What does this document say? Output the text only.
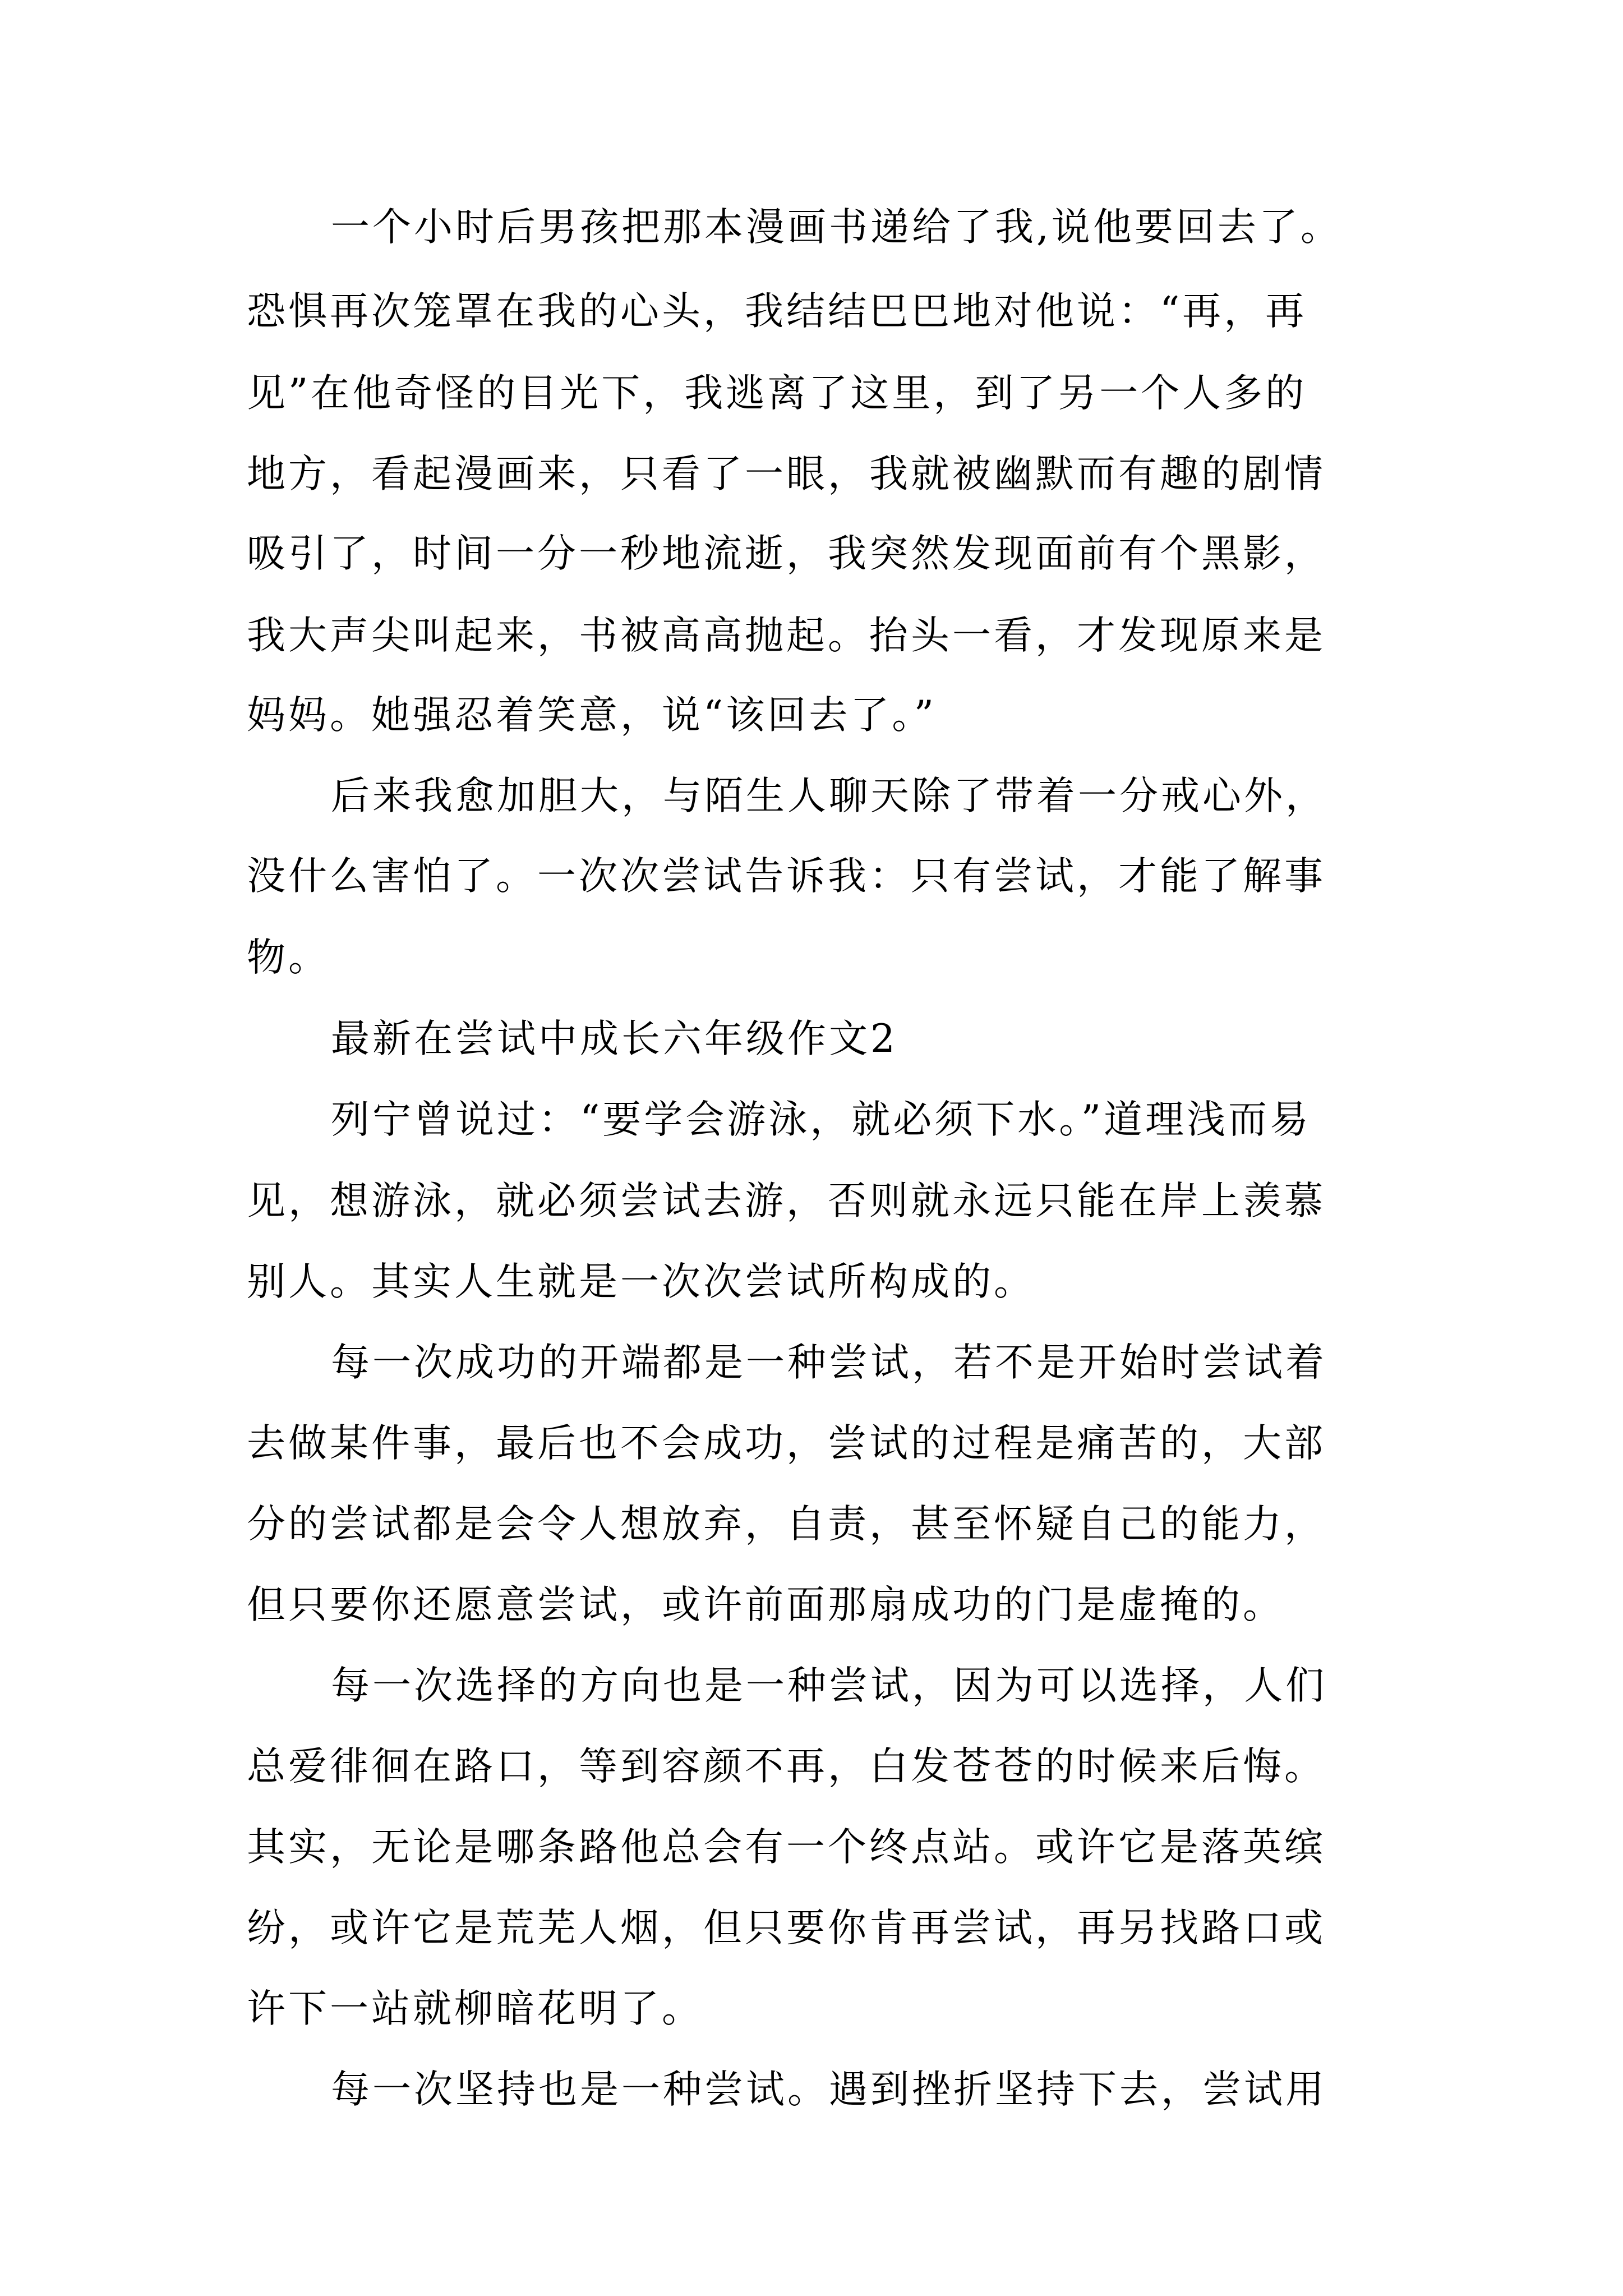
一个小时后男孩把那本漫画书递给了我,说他要回去了。
恐惧再次笼罩在我的心头，我结结巴巴地对他说：“再，再
见”在他奇怪的目光下，我逃离了这里，到了另一个人多的
地方，看起漫画来，只看了一眼，我就被幽默而有趣的剧情
吸引了，时间一分一秒地流逝，我突然发现面前有个黑影，
我大声尖叫起来，书被高高抛起。抬头一看，才发现原来是
妈妈。她强忍着笑意，说“该回去了。”
后来我愈加胆大，与陌生人聊天除了带着一分戒心外，
没什么害怕了。一次次尝试告诉我：只有尝试，才能了解事
物。
最新在尝试中成长六年级作文2
列宁曾说过：“要学会游泳，就必须下水。”道理浅而易
见，想游泳，就必须尝试去游，否则就永远只能在岸上羡慕
别人。其实人生就是一次次尝试所构成的。
每一次成功的开端都是一种尝试，若不是开始时尝试着
去做某件事，最后也不会成功，尝试的过程是痛苦的，大部
分的尝试都是会令人想放弃，自责，甚至怀疑自己的能力，
但只要你还愿意尝试，或许前面那扇成功的门是虚掩的。
每一次选择的方向也是一种尝试，因为可以选择，人们
总爱徘徊在路口，等到容颜不再，白发苍苍的时候来后悔。
其实，无论是哪条路他总会有一个终点站。或许它是落英缤
纷，或许它是荒芜人烟，但只要你肯再尝试，再另找路口或
许下一站就柳暗花明了。
每一次坚持也是一种尝试。遇到挫折坚持下去，尝试用
